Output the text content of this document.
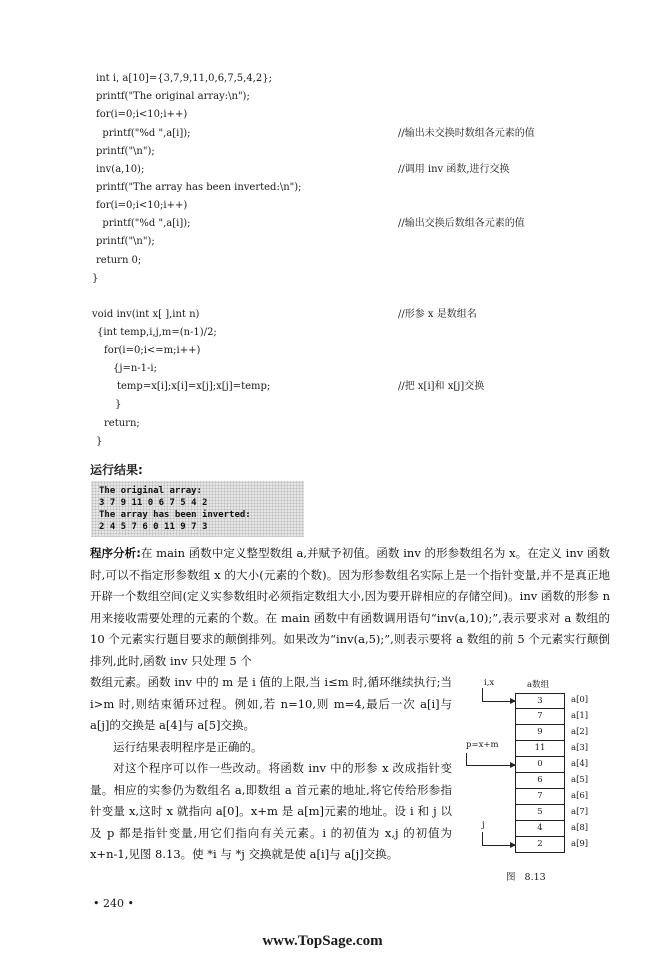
int i, a[10]={3,7,9,11,0,6,7,5,4,2};
printf("The original array:\n");
for(i=0;i<10;i++)
printf("%d ",a[i]);	//输出未交换时数组各元素的值
printf("\n");
inv(a,10);	//调用 inv 函数,进行交换
printf("The array has been inverted:\n");
for(i=0;i<10;i++)
printf("%d ",a[i]);	//输出交换后数组各元素的值
printf("\n");
return 0;
}
void inv(int x[ ],int n)	//形参 x 是数组名
{int temp,i,j,m=(n-1)/2;
for(i=0;i<=m;i++)
{j=n-1-i;
temp=x[i];x[i]=x[j];x[j]=temp;	//把 x[i]和 x[j]交换
}
return;
}
运行结果:
The original array:
3 7 9 11 0 6 7 5 4 2
The array has been inverted:
2 4 5 7 6 0 11 9 7 3
程序分析:在 main 函数中定义整型数组 a,并赋予初值。函数 inv 的形参数组名为 x。在定义 inv 函数时,可以不指定形参数组 x 的大小(元素的个数)。因为形参数组名实际上是一个指针变量,并不是真正地开辟一个数组空间(定义实参数组时必须指定数组大小,因为要开辟相应的存储空间)。inv 函数的形参 n 用来接收需要处理的元素的个数。在 main 函数中有函数调用语句“inv(a,10);”,表示要求对 a 数组的 10 个元素实行题目要求的颠倒排列。如果改为“inv(a,5);”,则表示要将 a 数组的前 5 个元素实行颠倒排列,此时,函数 inv 只处理 5 个
数组元素。函数 inv 中的 m 是 i 值的上限,当 i≤m 时,循环继续执行;当 i>m 时,则结束循环过程。例如,若 n=10,则 m=4,最后一次 a[i]与 a[j]的交换是 a[4]与 a[5]交换。
运行结果表明程序是正确的。
对这个程序可以作一些改动。将函数 inv 中的形参 x 改成指针变量。相应的实参仍为数组名 a,即数组 a 首元素的地址,将它传给形参指针变量 x,这时 x 就指向 a[0]。x+m 是 a[m]元素的地址。设 i 和 j 以及 p 都是指针变量,用它们指向有关元素。i 的初值为 x,j 的初值为 x+n-1,见图 8.13。使 *i 与 *j 交换就是使 a[i]与 a[j]交换。
i,x	a数组
3
7
9
11
0
6
7
5
4
2
a[0]
a[1]
a[2]
a[3]
a[4]
a[5]
a[6]
a[7]
a[8]
a[9]
p=x+m
j
图   8.13
• 240 •
www.TopSage.com
